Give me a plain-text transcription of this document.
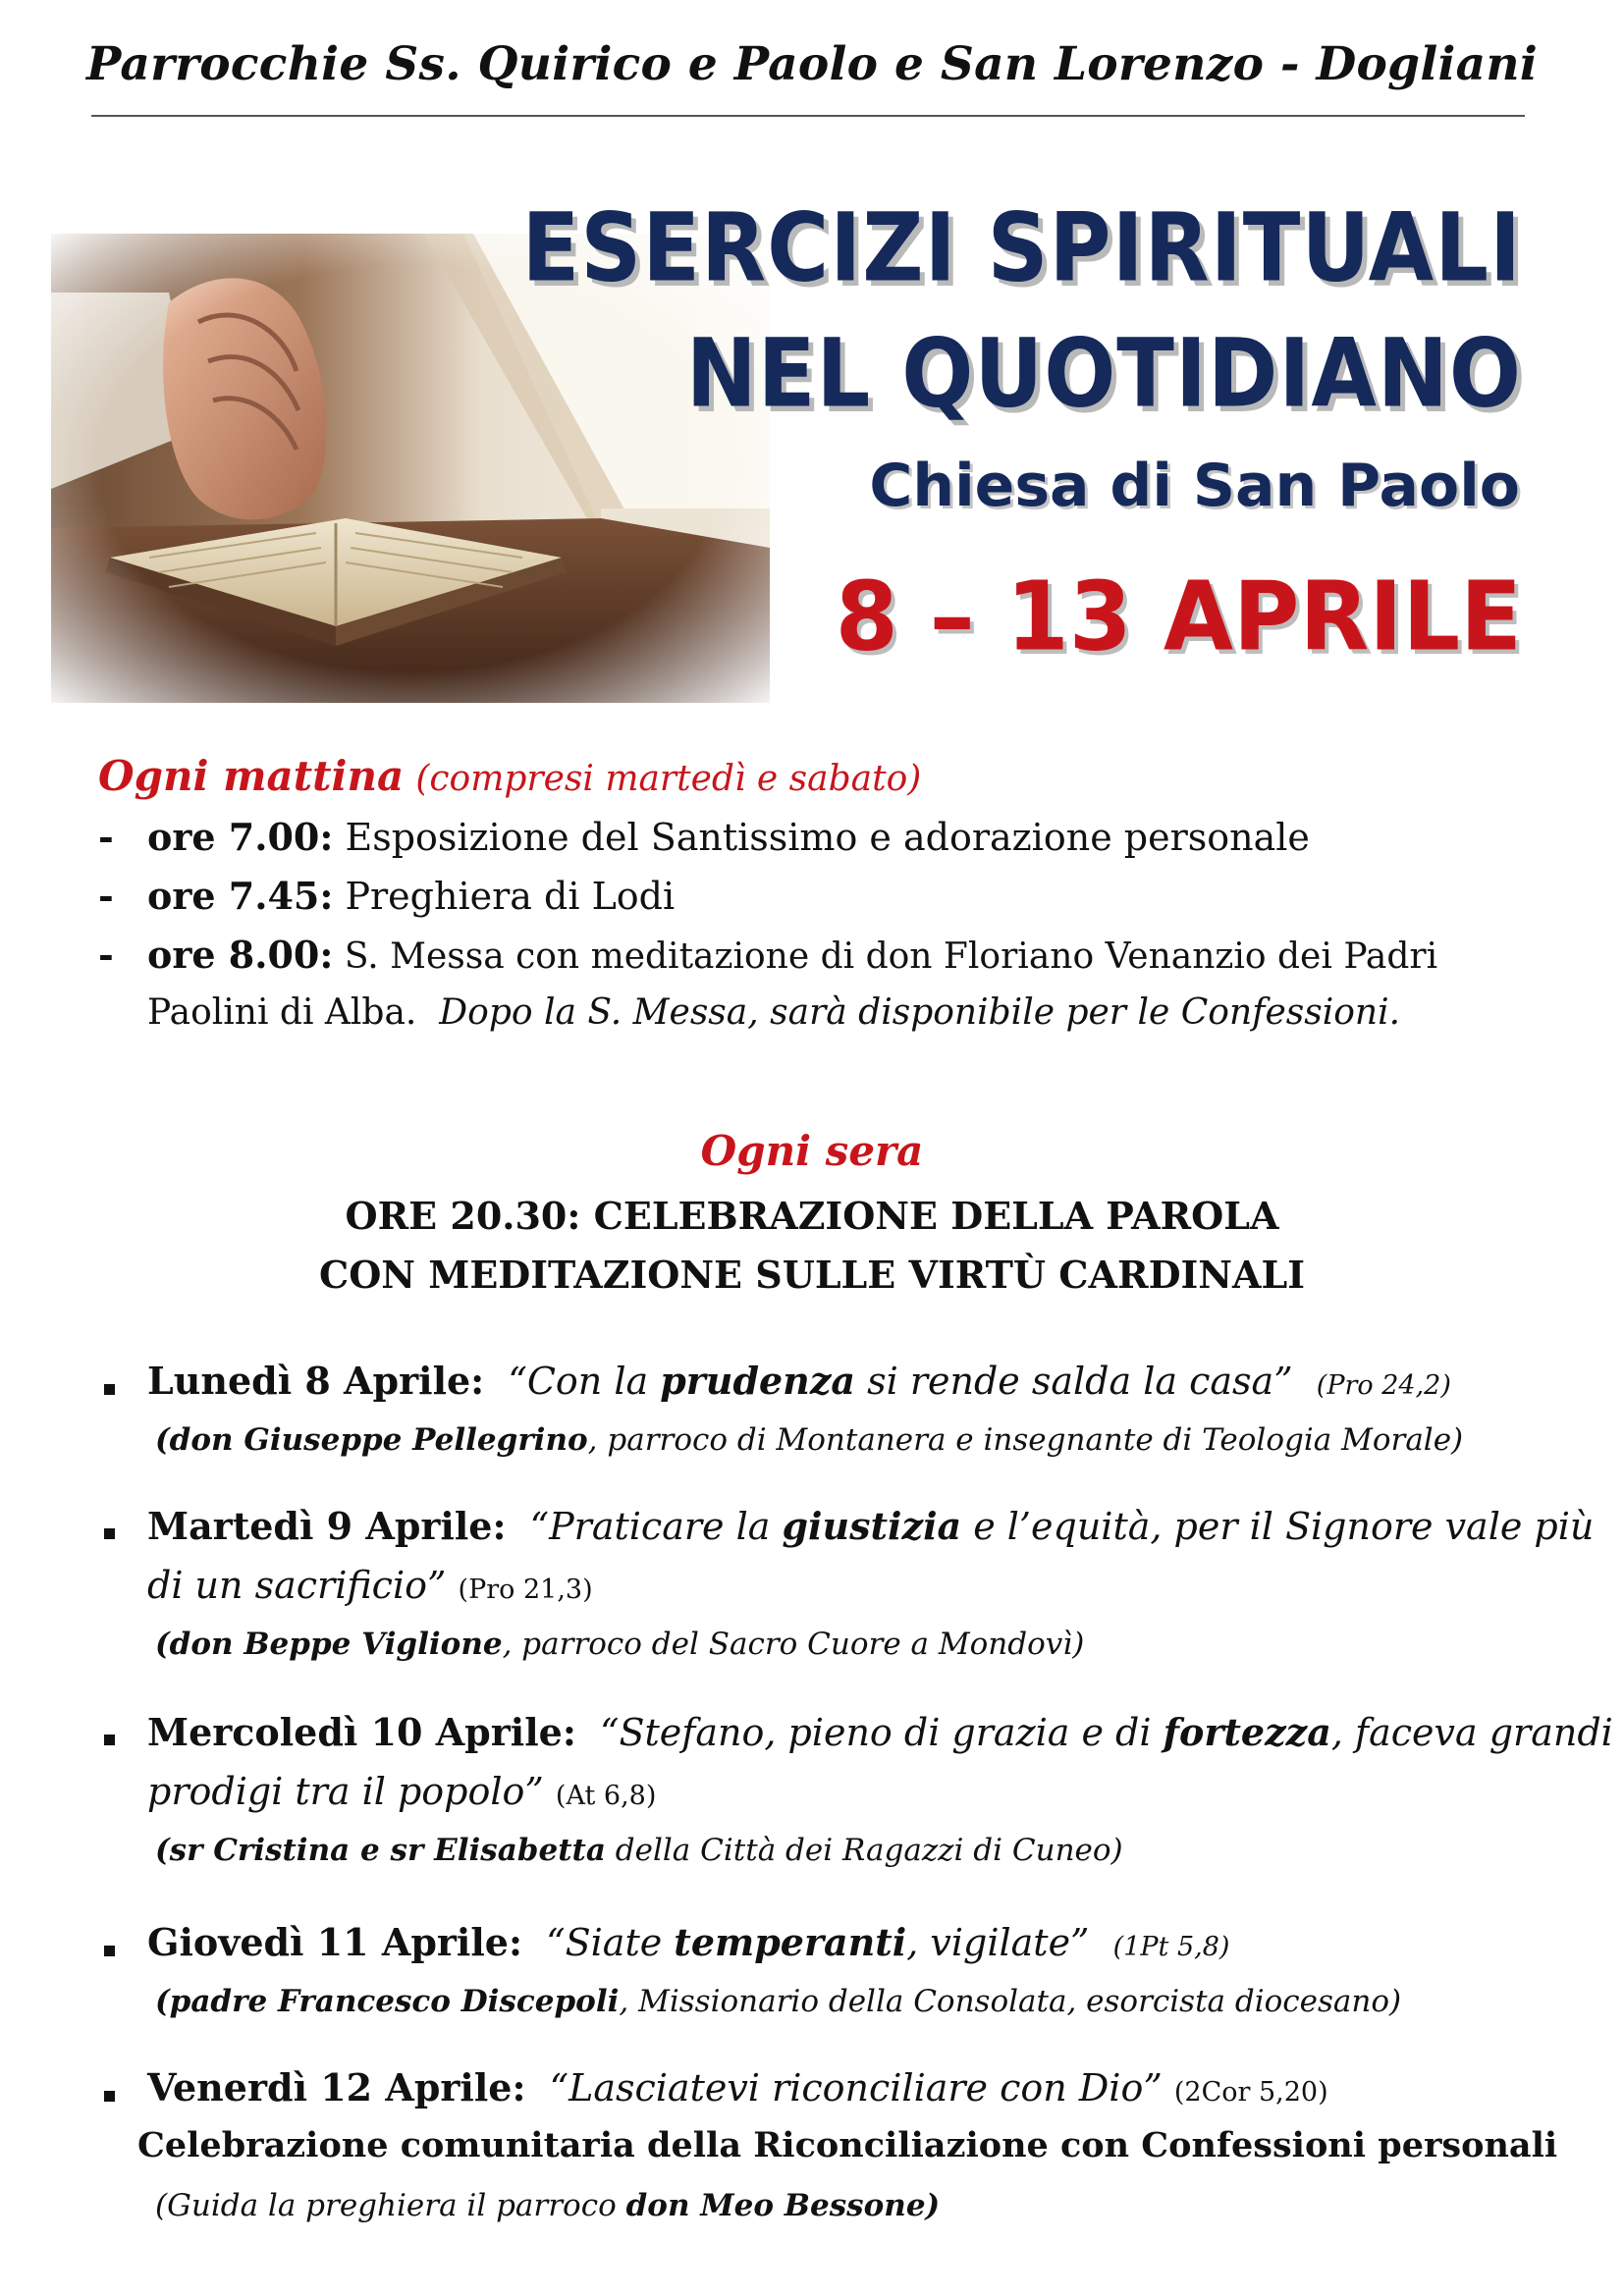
Parrocchie Ss. Quirico e Paolo e San Lorenzo - Dogliani
ESERCIZI SPIRITUALI
NEL QUOTIDIANO
Chiesa di San Paolo
8 – 13 APRILE
Ogni mattina (compresi martedì e sabato)
- ore 7.00: Esposizione del Santissimo e adorazione personale
- ore 7.45: Preghiera di Lodi
- ore 8.00: S. Messa con meditazione di don Floriano Venanzio dei Padri
Paolini di Alba. Dopo la S. Messa, sarà disponibile per le Confessioni.
Ogni sera
ORE 20.30: CELEBRAZIONE DELLA PAROLA
CON MEDITAZIONE SULLE VIRTÙ CARDINALI
Lunedì 8 Aprile: “Con la prudenza si rende salda la casa” (Pro 24,2)
(don Giuseppe Pellegrino, parroco di Montanera e insegnante di Teologia Morale)
Martedì 9 Aprile: “Praticare la giustizia e l’equità, per il Signore vale più
di un sacrificio” (Pro 21,3)
(don Beppe Viglione, parroco del Sacro Cuore a Mondovì)
Mercoledì 10 Aprile: “Stefano, pieno di grazia e di fortezza, faceva grandi
prodigi tra il popolo” (At 6,8)
(sr Cristina e sr Elisabetta della Città dei Ragazzi di Cuneo)
Giovedì 11 Aprile: “Siate temperanti, vigilate” (1Pt 5,8)
(padre Francesco Discepoli, Missionario della Consolata, esorcista diocesano)
Venerdì 12 Aprile: “Lasciatevi riconciliare con Dio” (2Cor 5,20)
Celebrazione comunitaria della Riconciliazione con Confessioni personali
(Guida la preghiera il parroco don Meo Bessone)
